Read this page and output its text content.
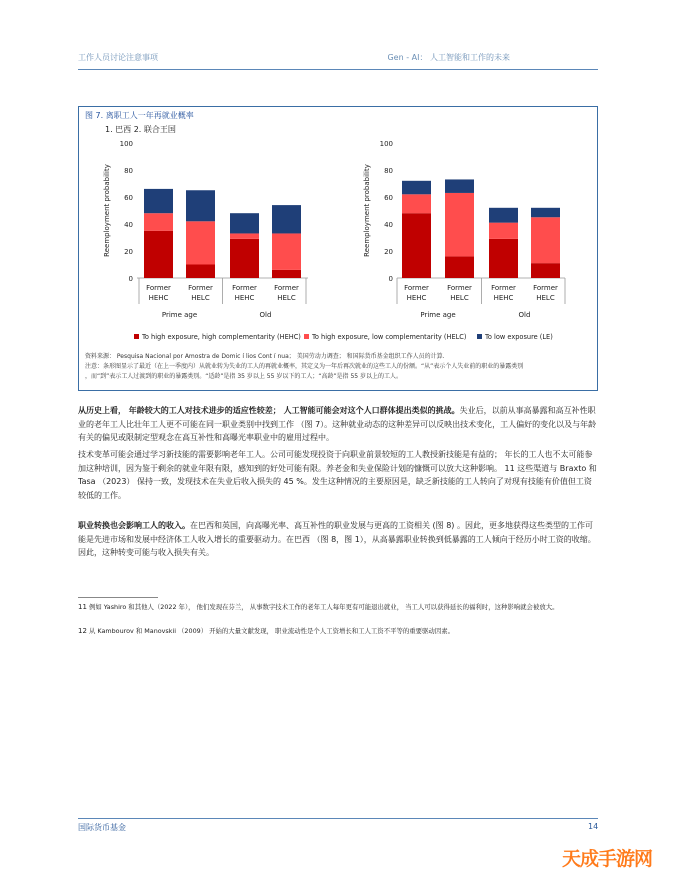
工作人员讨论注意事项	Gen - AI： 人工智能和工作的未来
图 7. 离职工人一年再就业概率
1. 巴西 2. 联合王国
0
20
40
60
80
100
Reemployment probability
Former
HEHC
Former
HELC
Former
HEHC
Former
HELC
Prime age	Old
0
20
40
60
80
100
Reemployment probability
Former
HEHC
Former
HELC
Former
HEHC
Former
HELC
Prime age	Old
To high exposure, high complementarity (HEHC) To high exposure, low complementarity (HELC)	To low exposure (LE)
资料来源： Pesquisa Nacional por Amostra de Domic í lios Cont í nua； 美国劳动力调查； 和国际货币基金组织工作人员的计算.
注意：条形图显示了最近（在上一季度内）从就业转为失业的工人的再就业概率，其定义为一年后再次就业的这些工人的份额。“从”表示个人失业前的职业的暴露类别
，而“到”表示工人过渡到的职业的暴露类别。“适龄”是指 35 岁以上 55 岁以下的工人；“高龄”是指 55 岁以上的工人。
从历史上看， 年龄较大的工人对技术进步的适应性较差； 人工智能可能会对这个人口群体提出类似的挑战。失业后，以前从事高暴露和高互补性职业的老年工人比壮年工人更不可能在同一职业类别中找到工作 （图 7）。这种就业动态的这种差异可以反映出技术变化，工人偏好的变化以及与年龄有关的偏见或限制定型观念在高互补性和高曝光率职业中的雇用过程中。
技术变革可能会通过学习新技能的需要影响老年工人。公司可能发现投资于向职业前景较短的工人教授新技能是有益的； 年长的工人也不太可能参加这种培训，因为鉴于剩余的就业年限有限，感知到的好处可能有限。养老金和失业保险计划的慷慨可以放大这种影响。 11 这些渠道与 Braxto 和 Tasa （2023） 保持一致，发现技术在失业后收入损失的 45 %。发生这种情况的主要原因是，缺乏新技能的工人转向了对现有技能有价值但工资较低的工作。
职业转换也会影响工人的收入。在巴西和英国，向高曝光率、高互补性的职业发展与更高的工资相关 (图 8) 。因此，更多地获得这些类型的工作可能是先进市场和发展中经济体工人收入增长的重要驱动力。在巴西 （图 8，图 1），从高暴露职业转换到低暴露的工人倾向于经历小时工资的收缩。因此，这种转变可能与收入损失有关。
$^{11}$ 例如 Yashiro 和其他人（2022 年）， 他们发现在芬兰， 从事数字技术工作的老年工人每年更有可能退出就业， 当工人可以获得延长的福利时，这种影响就会被放大。
$^{12}$ 从 Kambourov 和 Manovskii （2009） 开始的大量文献发现， 职业流动性是个人工资增长和工人工资不平等的重要驱动因素。
国际货币基金	14
天成手游网
